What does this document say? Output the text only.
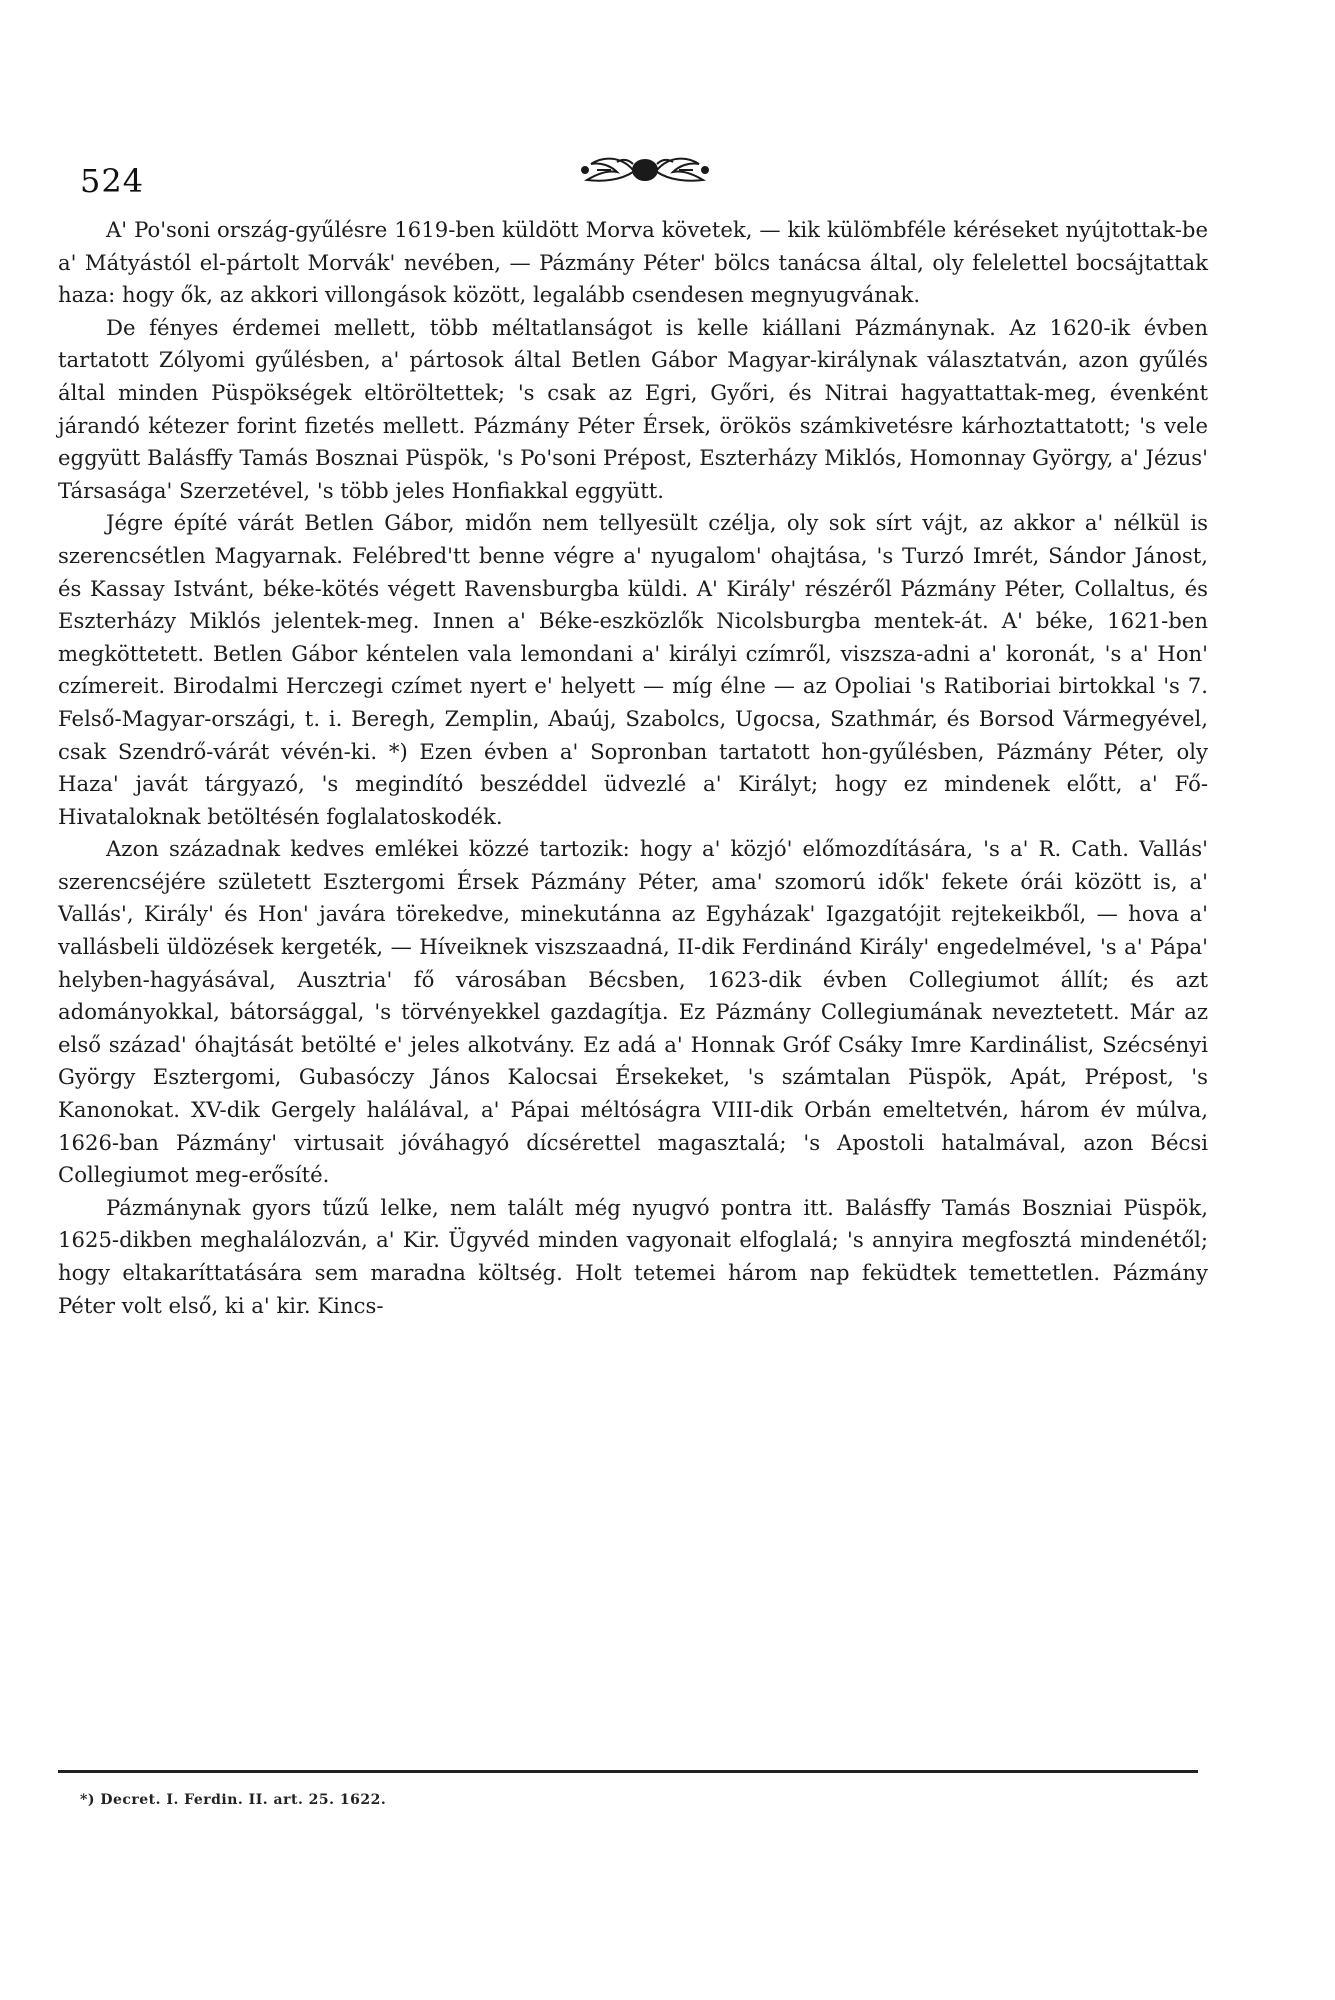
524

A' Po'soni ország-gyűlésre 1619-ben küldött Morva követek, — kik külömbféle kéréseket nyújtottak-be a' Mátyástól el-pártolt Morvák' nevében, — Pázmány Péter' bölcs tanácsa által, oly felelettel bocsájtattak haza: hogy ők, az akkori villongások között, legalább csendesen megnyugvának.

De fényes érdemei mellett, több méltatlanságot is kelle kiállani Pázmánynak. Az 1620-ik évben tartatott Zólyomi gyűlésben, a' pártosok által Betlen Gábor Magyar-királynak választatván, azon gyűlés által minden Püspökségek eltöröltettek; 's csak az Egri, Győri, és Nitrai hagyattattak-meg, évenként járandó kétezer forint fizetés mellett. Pázmány Péter Érsek, örökös számkivetésre kárhoztattatott; 's vele eggyütt Balásffy Tamás Bosznai Püspök, 's Po'soni Prépost, Eszterházy Miklós, Homonnay György, a' Jézus' Társasága' Szerzetével, 's több jeles Honfiakkal eggyütt.

Jégre építé várát Betlen Gábor, midőn nem tellyesült czélja, oly sok sírt vájt, az akkor a' nélkül is szerencsétlen Magyarnak. Felébred'tt benne végre a' nyugalom' ohajtása, 's Turzó Imrét, Sándor Jánost, és Kassay Istvánt, béke-kötés végett Ravensburgba küldi. A' Király' részéről Pázmány Péter, Collaltus, és Eszterházy Miklós jelentek-meg. Innen a' Béke-eszközlők Nicolsburgba mentek-át. A' béke, 1621-ben megköttetett. Betlen Gábor kéntelen vala lemondani a' királyi czímről, viszsza-adni a' koronát, 's a' Hon' czímereit. Birodalmi Herczegi czímet nyert e' helyett — míg élne — az Opoliai 's Ratiboriai birtokkal 's 7. Felső-Magyar-országi, t. i. Beregh, Zemplin, Abaúj, Szabolcs, Ugocsa, Szathmár, és Borsod Vármegyével, csak Szendrő-várát vévén-ki. *) Ezen évben a' Sopronban tartatott hon-gyűlésben, Pázmány Péter, oly Haza' javát tárgyazó, 's megindító beszéddel üdvezlé a' Királyt; hogy ez mindenek előtt, a' Fő-Hivataloknak betöltésén foglalatoskodék.

Azon századnak kedves emlékei közzé tartozik: hogy a' közjó' előmozdítására, 's a' R. Cath. Vallás' szerencséjére született Esztergomi Érsek Pázmány Péter, ama' szomorú idők' fekete órái között is, a' Vallás', Király' és Hon' javára törekedve, minekutánna az Egyházak' Igazgatójit rejtekeikből, — hova a' vallásbeli üldözések kergeték, — Híveiknek viszszaadná, II-dik Ferdinánd Király' engedelmével, 's a' Pápa' helyben-hagyásával, Ausztria' fő városában Bécsben, 1623-dik évben Collegiumot állít; és azt adományokkal, bátorsággal, 's törvényekkel gazdagítja. Ez Pázmány Collegiumának neveztetett. Már az első század' óhajtását betölté e' jeles alkotvány. Ez adá a' Honnak Gróf Csáky Imre Kardinálist, Szécsényi György Esztergomi, Gubasóczy János Kalocsai Érsekeket, 's számtalan Püspök, Apát, Prépost, 's Kanonokat. XV-dik Gergely halálával, a' Pápai méltóságra VIII-dik Orbán emeltetvén, három év múlva, 1626-ban Pázmány' virtusait jóváhagyó dícsérettel magasztalá; 's Apostoli hatalmával, azon Bécsi Collegiumot meg-erősíté.

Pázmánynak gyors tűzű lelke, nem talált még nyugvó pontra itt. Balásffy Tamás Boszniai Püspök, 1625-dikben meghalálozván, a' Kir. Ügyvéd minden vagyonait elfoglalá; 's annyira megfosztá mindenétől; hogy eltakaríttatására sem maradna költség. Holt tetemei három nap feküdtek temettetlen. Pázmány Péter volt első, ki a' kir. Kincs-

*) Decret. I. Ferdin. II. art. 25. 1622.
